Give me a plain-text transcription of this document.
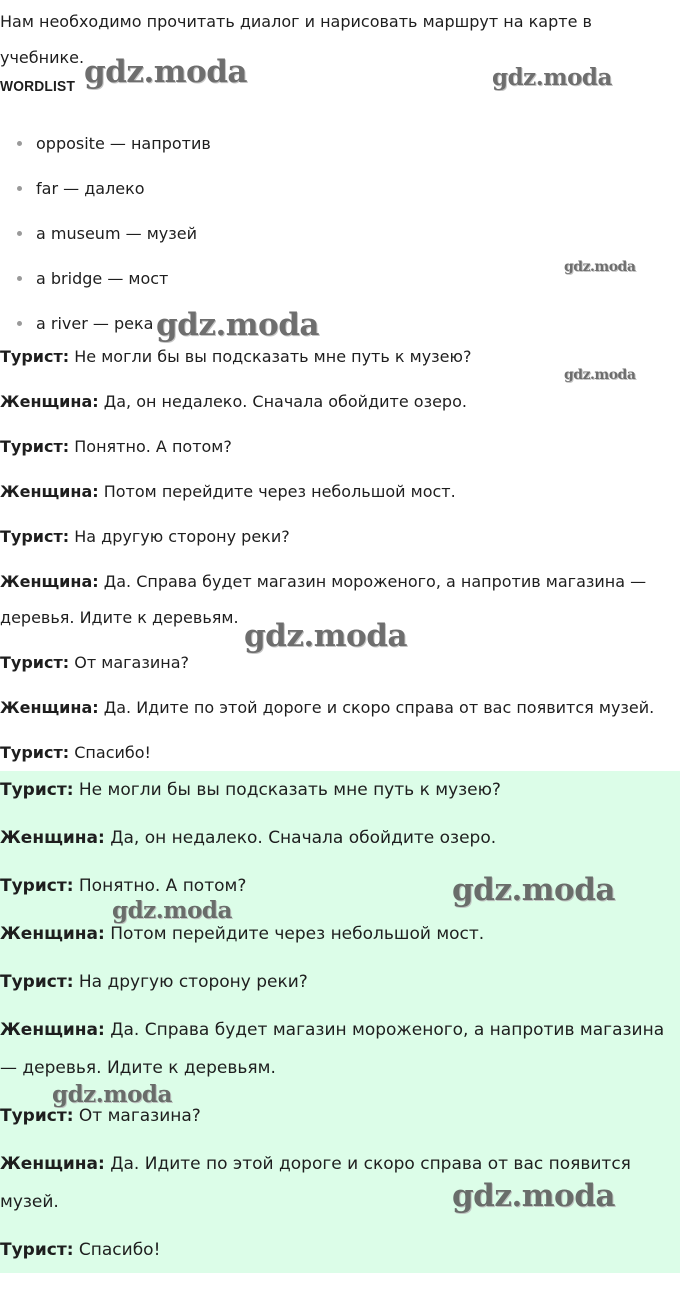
Нам необходимо прочитать диалог и нарисовать маршрут на карте в учебнике.
WORDLIST
opposite — напротив
far — далеко
a museum — музей
a bridge — мост
a river — река
Турист: Не могли бы вы подсказать мне путь к музею?
Женщина: Да, он недалеко. Сначала обойдите озеро.
Турист: Понятно. А потом?
Женщина: Потом перейдите через небольшой мост.
Турист: На другую сторону реки?
Женщина: Да. Справа будет магазин мороженого, а напротив магазина — деревья. Идите к деревьям.
Турист: От магазина?
Женщина: Да. Идите по этой дороге и скоро справа от вас появится музей.
Турист: Спасибо!
Турист: Не могли бы вы подсказать мне путь к музею?
Женщина: Да, он недалеко. Сначала обойдите озеро.
Турист: Понятно. А потом?
Женщина: Потом перейдите через небольшой мост.
Турист: На другую сторону реки?
Женщина: Да. Справа будет магазин мороженого, а напротив магазина — деревья. Идите к деревьям.
Турист: От магазина?
Женщина: Да. Идите по этой дороге и скоро справа от вас появится музей.
Турист: Спасибо!
gdz.moda	gdz.moda
gdz.moda
gdz.moda
gdz.moda
gdz.moda
gdz.moda
gdz.moda
gdz.moda
gdz.moda
